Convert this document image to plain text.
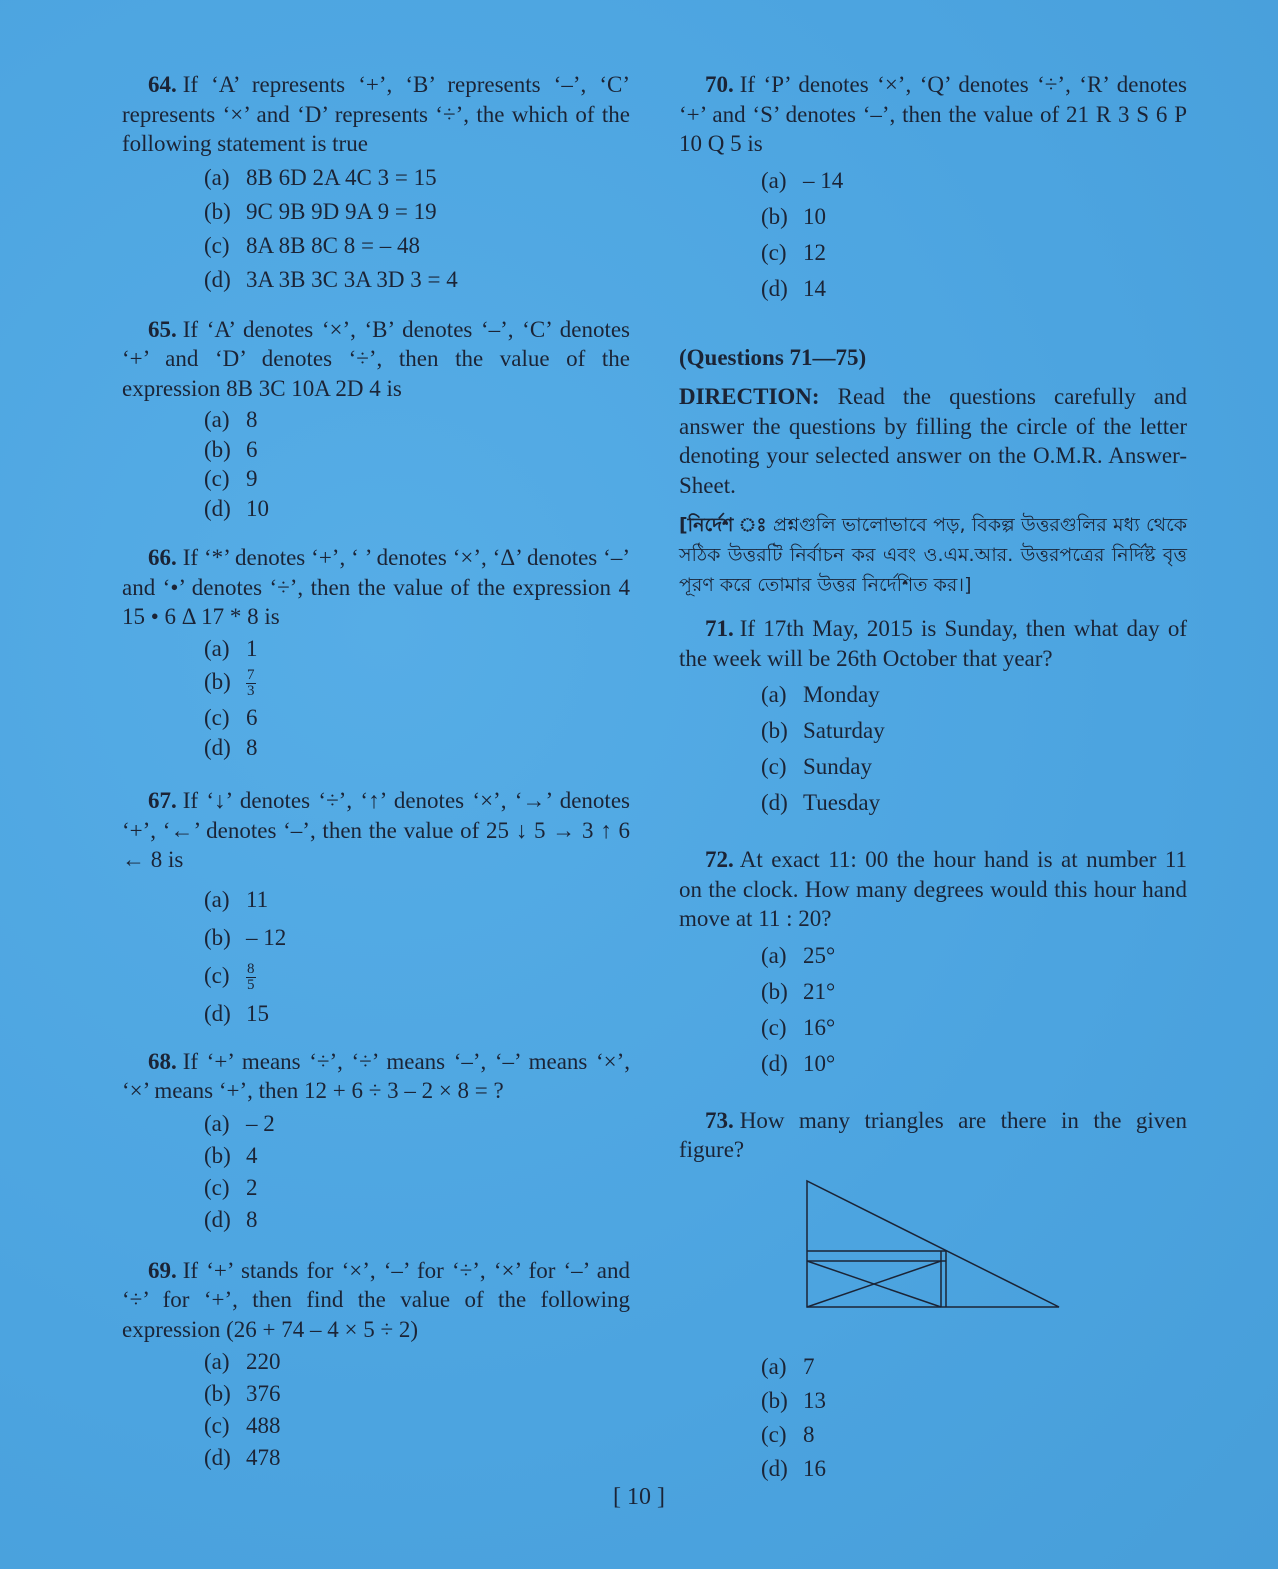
64. If ‘A’ represents ‘+’, ‘B’ represents ‘–’, ‘C’ represents ‘×’ and ‘D’ represents ‘÷’, the which of the following statement is true

(a) 8B 6D 2A 4C 3 = 15
(b) 9C 9B 9D 9A 9 = 19
(c) 8A 8B 8C 8 = – 48
(d) 3A 3B 3C 3A 3D 3 = 4

65. If ‘A’ denotes ‘×’, ‘B’ denotes ‘–’, ‘C’ denotes ‘+’ and ‘D’ denotes ‘÷’, then the value of the expression 8B 3C 10A 2D 4 is

(a) 8
(b) 6
(c) 9
(d) 10

66. If ‘*’ denotes ‘+’, ‘ ’ denotes ‘×’, ‘Δ’ denotes ‘–’ and ‘•’ denotes ‘÷’, then the value of the expression 4 15 • 6 Δ 17 * 8 is

(a) 1
$(b) \frac{7}{3}$
(c) 6
(d) 8

67. If ‘↓’ denotes ‘÷’, ‘↑’ denotes ‘×’, ‘→’ denotes ‘+’, ‘←’ denotes ‘–’, then the value of 25 ↓ 5 → 3 ↑ 6 ← 8 is

(a) 11
(b) – 12
$(c) \frac{8}{5}$
(d) 15

68. If ‘+’ means ‘÷’, ‘÷’ means ‘–’, ‘–’ means ‘×’, ‘×’ means ‘+’, then 12 + 6 ÷ 3 – 2 × 8 = ?

(a) – 2
(b) 4
(c) 2
(d) 8

69. If ‘+’ stands for ‘×’, ‘–’ for ‘÷’, ‘×’ for ‘–’ and ‘÷’ for ‘+’, then find the value of the following expression (26 + 74 – 4 × 5 ÷ 2)

(a) 220
(b) 376
(c) 488
(d) 478

70. If ‘P’ denotes ‘×’, ‘Q’ denotes ‘÷’, ‘R’ denotes ‘+’ and ‘S’ denotes ‘–’, then the value of 21 R 3 S 6 P 10 Q 5 is

(a) – 14
(b) 10
(c) 12
(d) 14

(Questions 71—75)

DIRECTION: Read the questions carefully and answer the questions by filling the circle of the letter denoting your selected answer on the O.M.R. Answer-Sheet.

[নির্দেশ ঃ প্রশ্নগুলি ভালোভাবে পড়, বিকল্প উত্তরগুলির মধ্য থেকে সঠিক উত্তরটি নির্বাচন কর এবং ও.এম.আর. উত্তরপত্রের নির্দিষ্ট বৃত্ত পূরণ করে তোমার উত্তর নির্দেশিত কর।]

71. If 17th May, 2015 is Sunday, then what day of the week will be 26th October that year?

(a) Monday
(b) Saturday
(c) Sunday
(d) Tuesday

72. At exact 11: 00 the hour hand is at number 11 on the clock. How many degrees would this hour hand move at 11 : 20?

(a) 25°
(b) 21°
(c) 16°
(d) 10°

73. How many triangles are there in the given figure?

(a) 7
(b) 13
(c) 8
(d) 16
[ 10 ]
